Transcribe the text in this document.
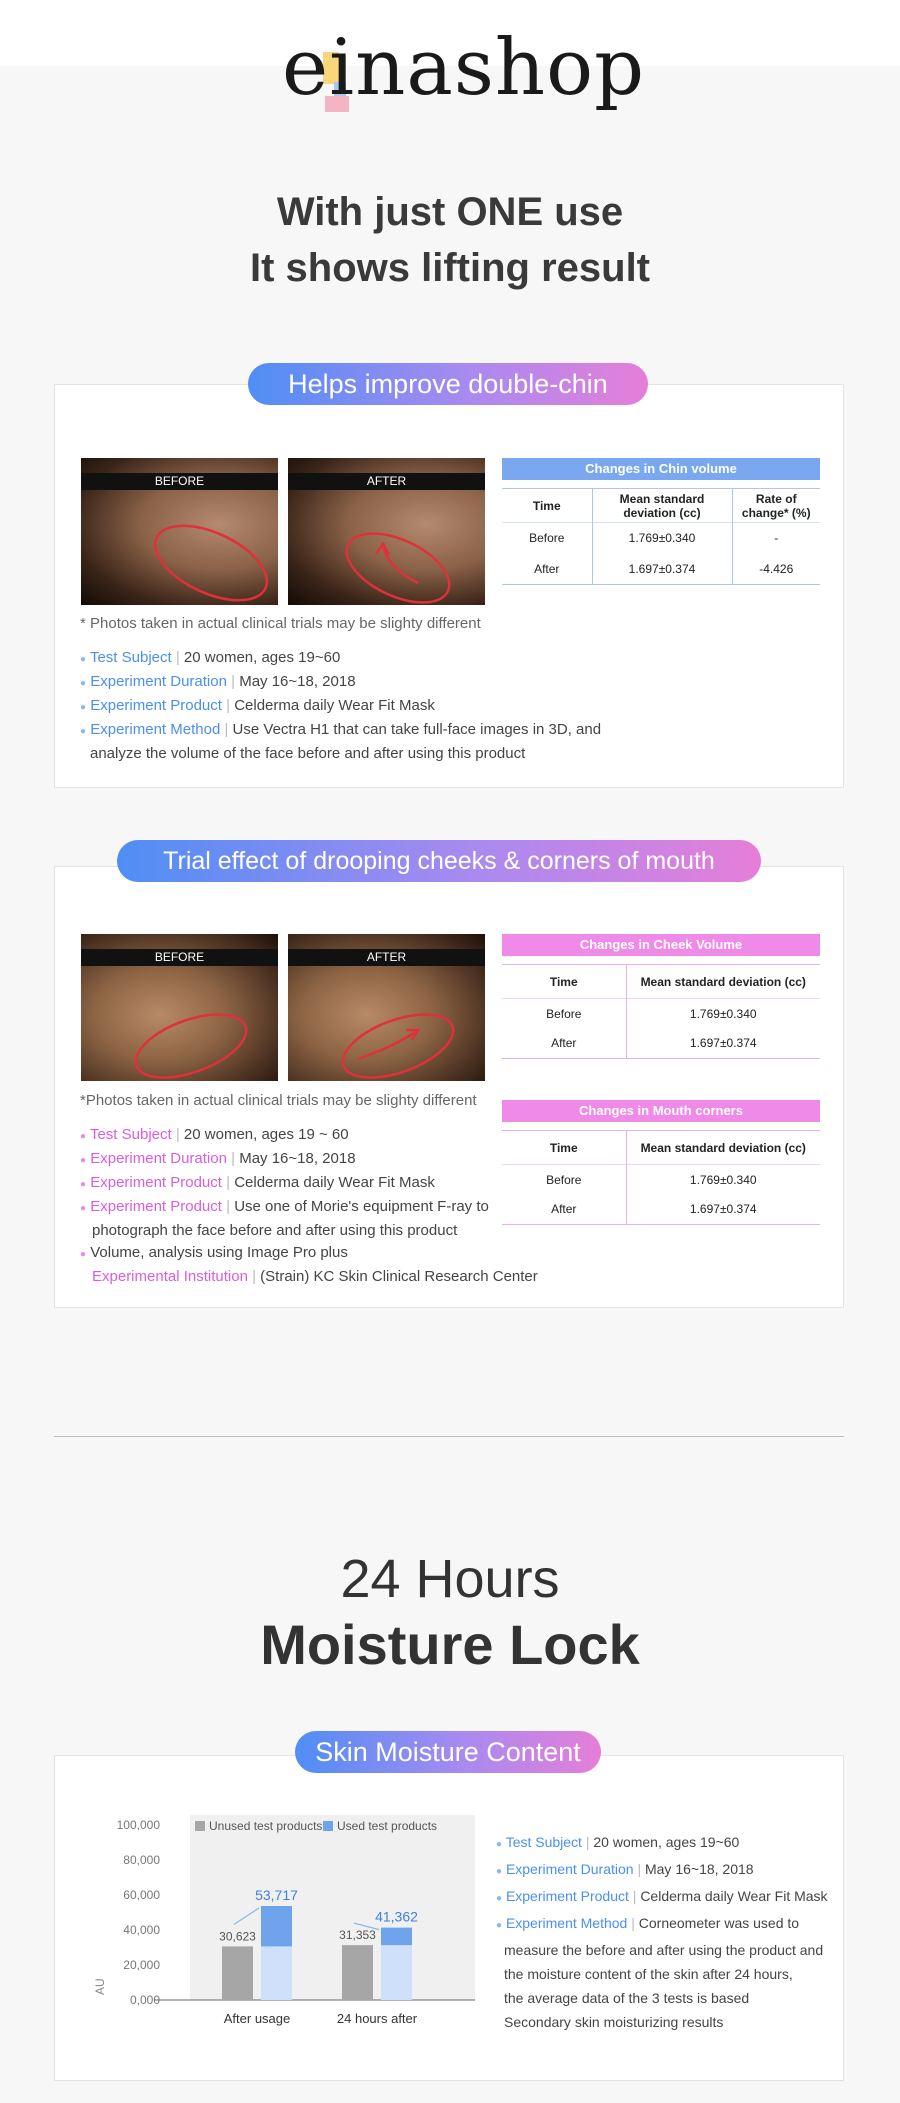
einashop
With just ONE use
It shows lifting result
Helps improve double-chin
BEFORE	AFTER
Changes in Chin volume
Time	Mean standard deviation (cc)	Rate of change* (%)
Before	1.769±0.340	-
After	1.697±0.374	-4.426
* Photos taken in actual clinical trials may be slighty different
● Test Subject | 20 women, ages 19~60
● Experiment Duration | May 16~18, 2018
● Experiment Product | Celderma daily Wear Fit Mask
● Experiment Method | Use Vectra H1 that can take full-face images in 3D, and
analyze the volume of the face before and after using this product
Trial effect of drooping cheeks & corners of mouth
BEFORE	AFTER
Changes in Cheek Volume
Time	Mean standard deviation (cc)
Before	1.769±0.340
After	1.697±0.374
Changes in Mouth corners
Time	Mean standard deviation (cc)
Before	1.769±0.340
After	1.697±0.374
*Photos taken in actual clinical trials may be slighty different
● Test Subject | 20 women, ages 19 ~ 60
● Experiment Duration | May 16~18, 2018
● Experiment Product | Celderma daily Wear Fit Mask
● Experiment Product | Use one of Morie's equipment F-ray to
photograph the face before and after using this product
● Volume, analysis using Image Pro plus
Experimental Institution | (Strain) KC Skin Clinical Research Center
24 Hours
Moisture Lock
Skin Moisture Content
0,000
20,000
40,000
60,000
80,000
100,000	Unused test products Used test products
30,623
53,717
31,353
41,362
After usage	24 hours after
AU
● Test Subject | 20 women, ages 19~60
● Experiment Duration | May 16~18, 2018
● Experiment Product | Celderma daily Wear Fit Mask
● Experiment Method | Corneometer was used to
measure the before and after using the product and
the moisture content of the skin after 24 hours,
the average data of the 3 tests is based
Secondary skin moisturizing results
